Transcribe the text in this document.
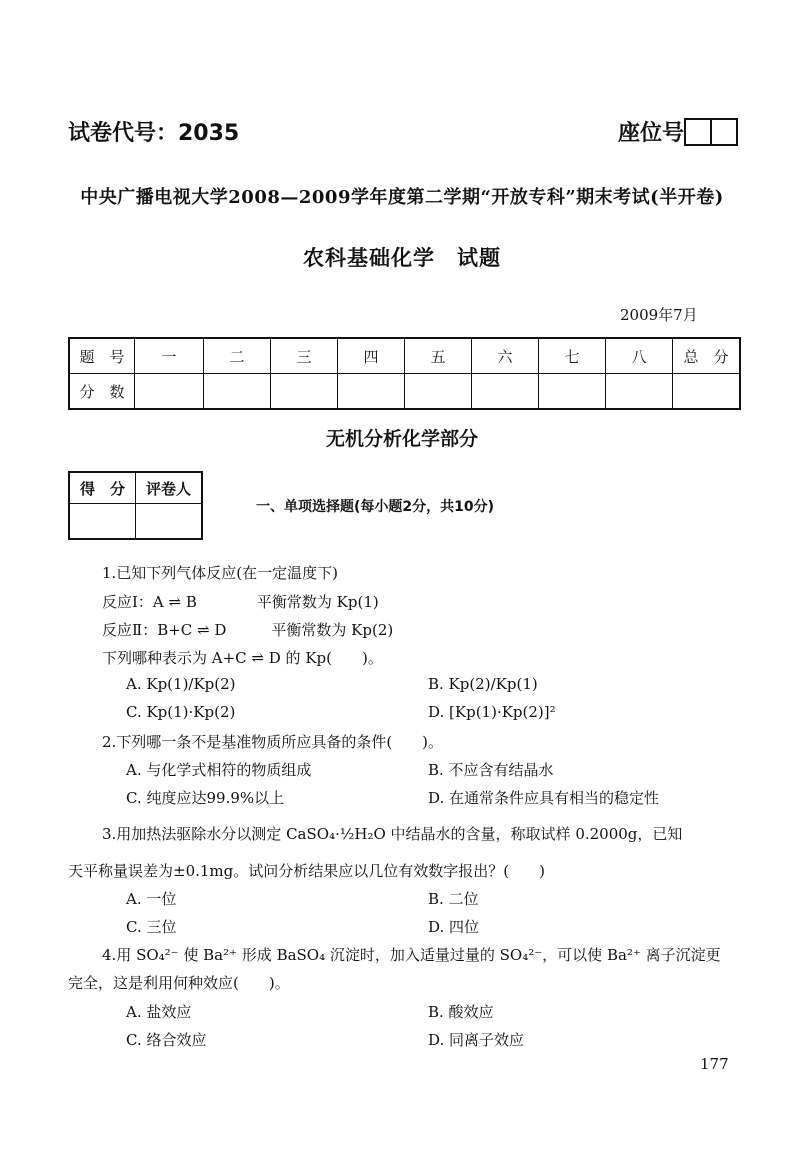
试卷代号：2035	座位号
中央广播电视大学2008—2009学年度第二学期“开放专科”期末考试(半开卷)
农科基础化学　试题
2009年7月
题　号	一	二	三	四	五	六	七	八	总　分
分　数									
无机分析化学部分
得　分	评卷人

一、单项选择题(每小题2分，共10分)
1.已知下列气体反应(在一定温度下)
反应Ⅰ：A ⇌ B　　　　平衡常数为 Kp(1)
反应Ⅱ：B+C ⇌ D　　　平衡常数为 Kp(2)
下列哪种表示为 A+C ⇌ D 的 Kp(　　)。
A. Kp(1)/Kp(2)	B. Kp(2)/Kp(1)
C. Kp(1)·Kp(2)	D. [Kp(1)·Kp(2)]²
2.下列哪一条不是基准物质所应具备的条件(　　)。
A. 与化学式相符的物质组成	B. 不应含有结晶水
C. 纯度应达99.9%以上	D. 在通常条件应具有相当的稳定性
3.用加热法驱除水分以测定 CaSO₄·½H₂O 中结晶水的含量，称取试样 0.2000g，已知
天平称量误差为±0.1mg。试问分析结果应以几位有效数字报出？(　　)
A. 一位	B. 二位
C. 三位	D. 四位
4.用 SO₄²⁻ 使 Ba²⁺ 形成 BaSO₄ 沉淀时，加入适量过量的 SO₄²⁻，可以使 Ba²⁺ 离子沉淀更
完全，这是利用何种效应(　　)。
A. 盐效应	B. 酸效应
C. 络合效应	D. 同离子效应
177
